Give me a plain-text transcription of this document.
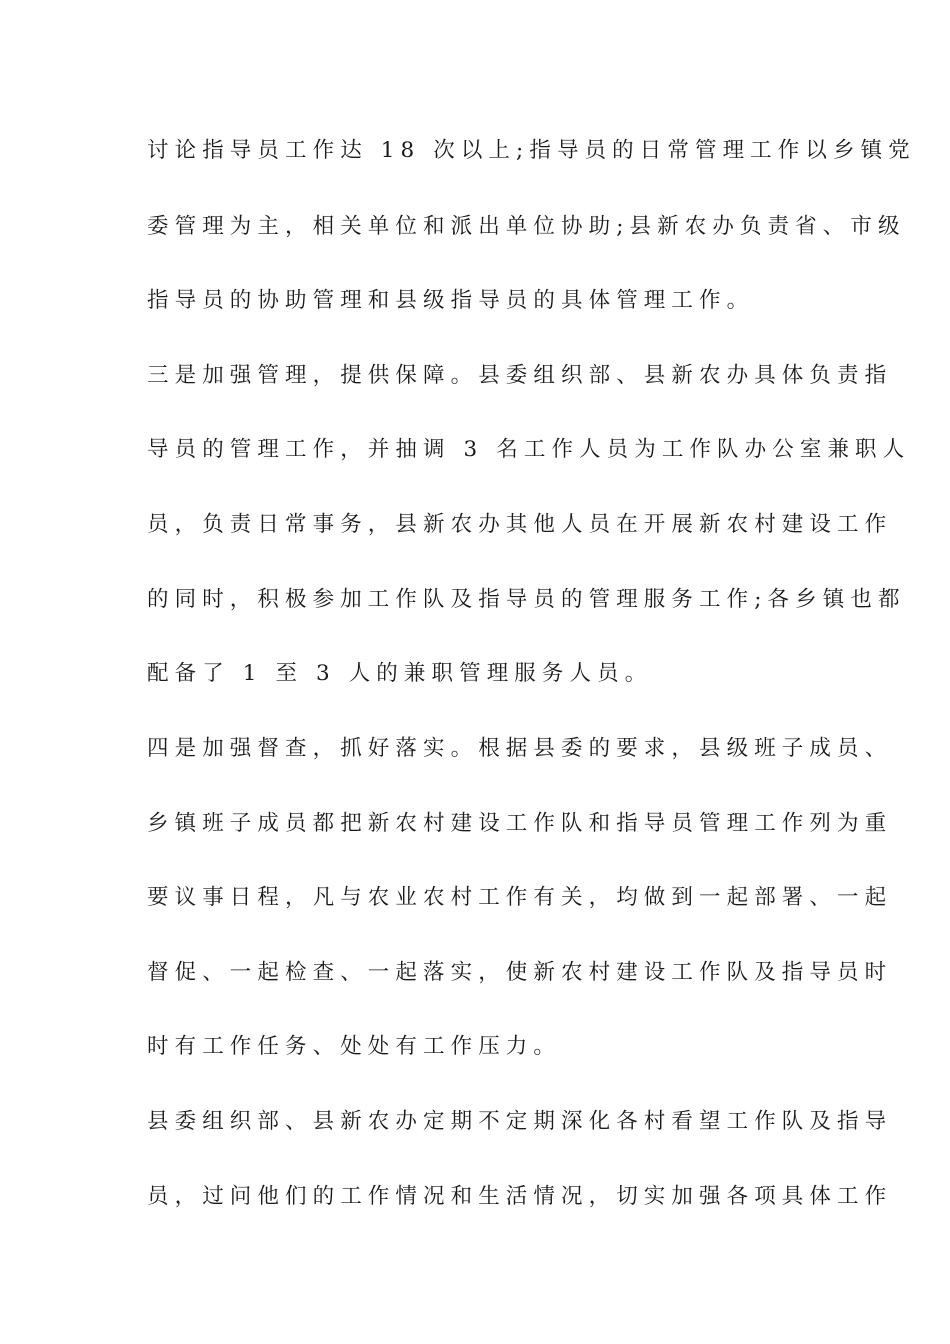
讨论指导员工作达 18 次以上;指导员的日常管理工作以乡镇党
委管理为主，相关单位和派出单位协助;县新农办负责省、市级
指导员的协助管理和县级指导员的具体管理工作。
三是加强管理，提供保障。县委组织部、县新农办具体负责指
导员的管理工作，并抽调 3 名工作人员为工作队办公室兼职人
员，负责日常事务，县新农办其他人员在开展新农村建设工作
的同时，积极参加工作队及指导员的管理服务工作;各乡镇也都
配备了 1 至 3 人的兼职管理服务人员。
四是加强督查，抓好落实。根据县委的要求，县级班子成员、
乡镇班子成员都把新农村建设工作队和指导员管理工作列为重
要议事日程，凡与农业农村工作有关，均做到一起部署、一起
督促、一起检查、一起落实，使新农村建设工作队及指导员时
时有工作任务、处处有工作压力。
县委组织部、县新农办定期不定期深化各村看望工作队及指导
员，过问他们的工作情况和生活情况，切实加强各项具体工作
